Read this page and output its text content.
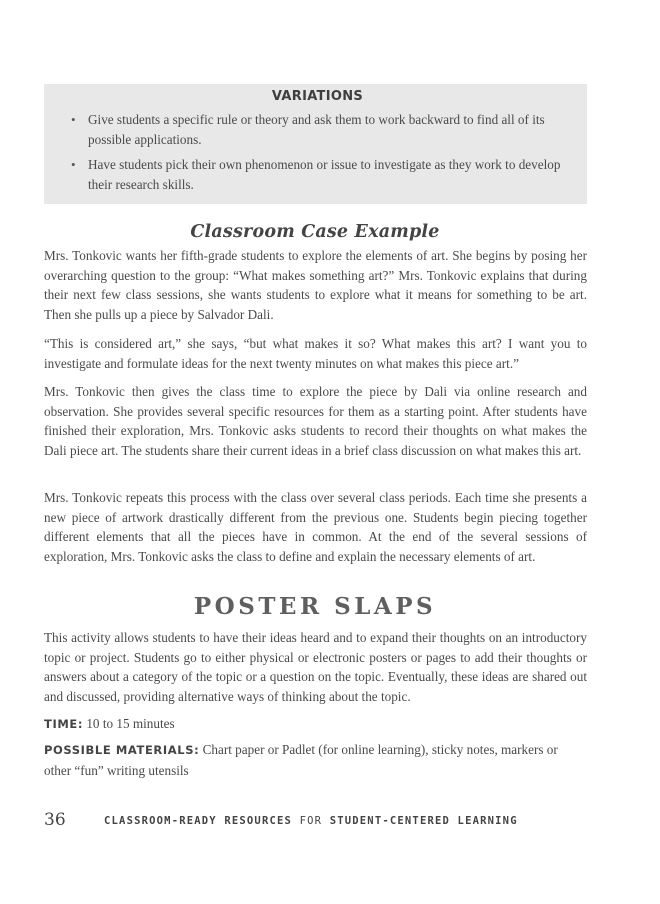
VARIATIONS
• Give students a specific rule or theory and ask them to work backward to find all of its possible applications.
• Have students pick their own phenomenon or issue to investigate as they work to develop their research skills.
Classroom Case Example

Mrs. Tonkovic wants her fifth-grade students to explore the elements of art. She begins by posing her overarching question to the group: “What makes something art?” Mrs. Tonkovic explains that during their next few class sessions, she wants students to explore what it means for something to be art. Then she pulls up a piece by Salvador Dali.

“This is considered art,” she says, “but what makes it so? What makes this art? I want you to investigate and formulate ideas for the next twenty minutes on what makes this piece art.”

Mrs. Tonkovic then gives the class time to explore the piece by Dali via online research and observation. She provides several specific resources for them as a starting point. After students have finished their exploration, Mrs. Tonkovic asks students to record their thoughts on what makes the Dali piece art. The students share their current ideas in a brief class discussion on what makes this art.

Mrs. Tonkovic repeats this process with the class over several class periods. Each time she presents a new piece of artwork drastically different from the previous one. Students begin piecing together different elements that all the pieces have in common. At the end of the several sessions of exploration, Mrs. Tonkovic asks the class to define and explain the necessary elements of art.

POSTER SLAPS

This activity allows students to have their ideas heard and to expand their thoughts on an introductory topic or project. Students go to either physical or electronic posters or pages to add their thoughts or answers about a category of the topic or a question on the topic. Eventually, these ideas are shared out and discussed, providing alternative ways of thinking about the topic.

TIME: 10 to 15 minutes

POSSIBLE MATERIALS: Chart paper or Padlet (for online learning), sticky notes, markers or other “fun” writing utensils

36	CLASSROOM-READY RESOURCES FOR STUDENT-CENTERED LEARNING
